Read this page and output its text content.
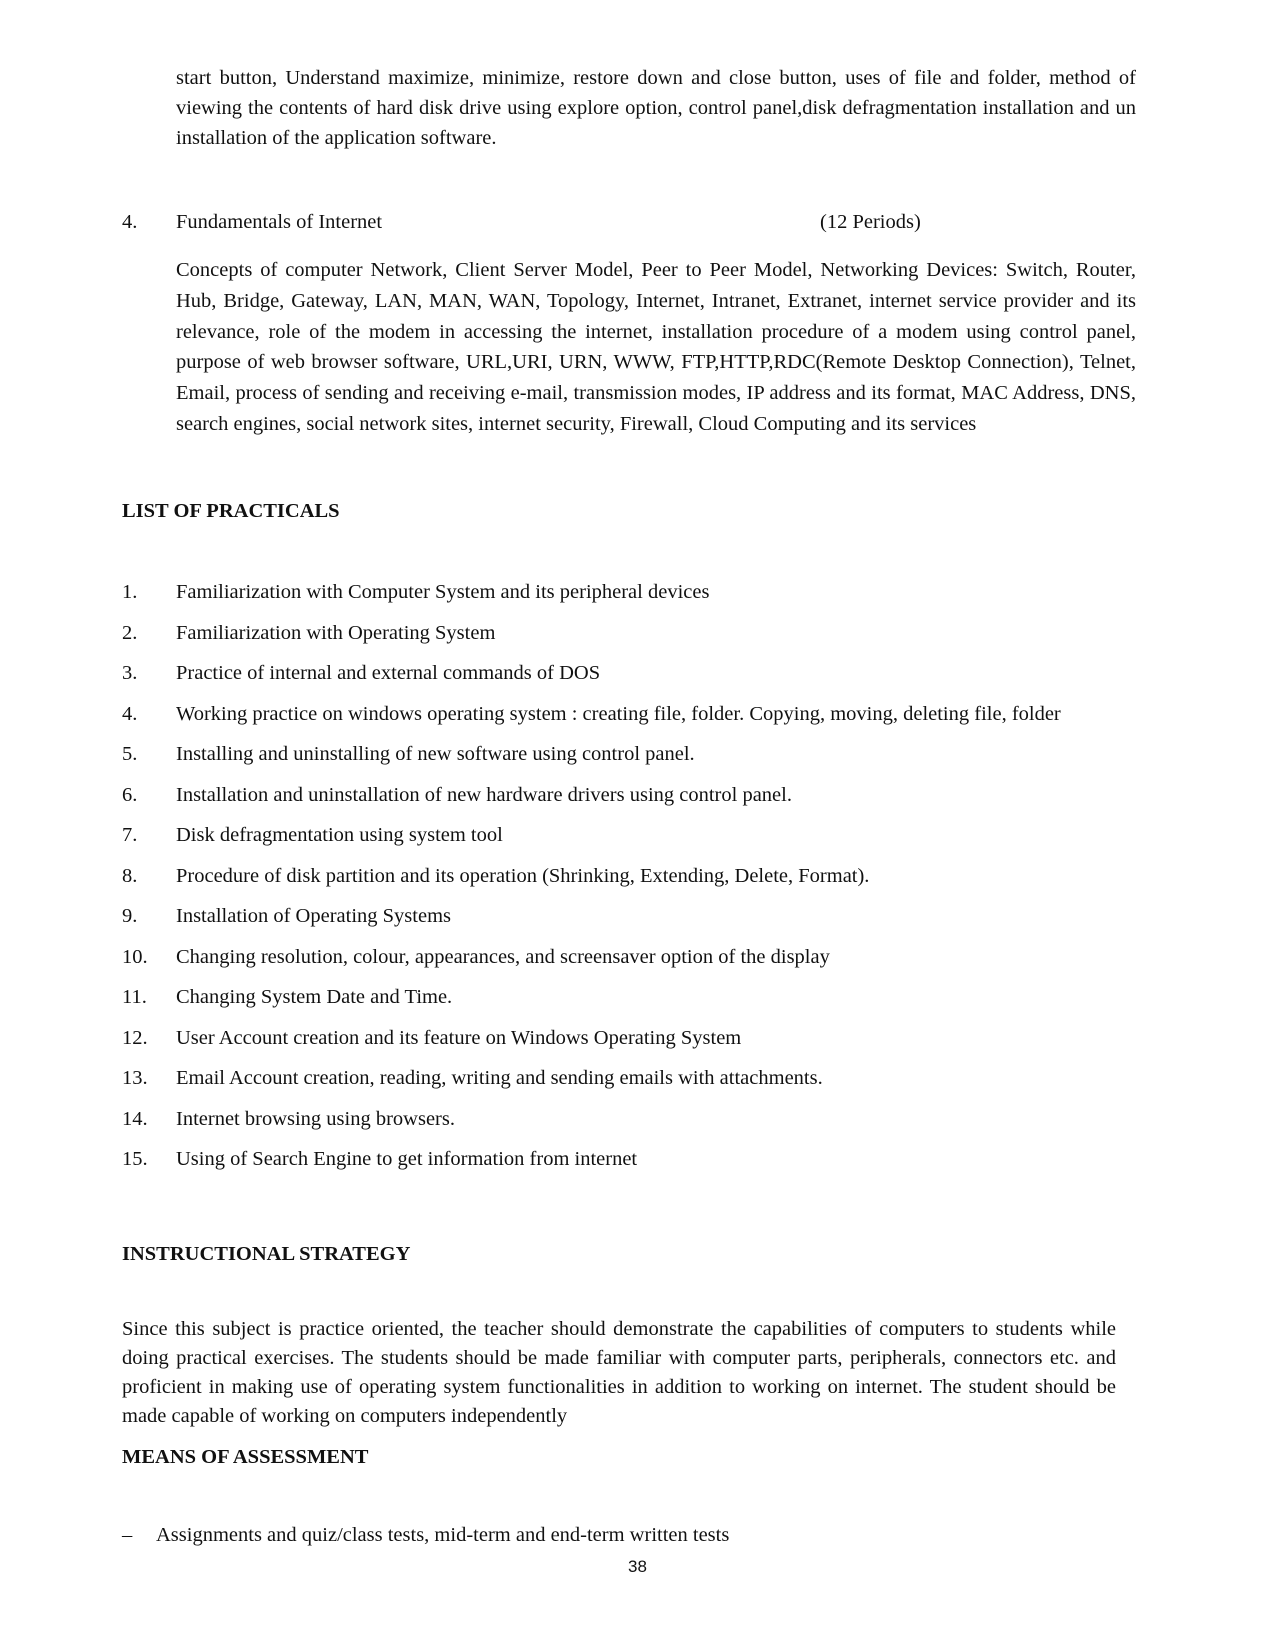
start button, Understand maximize, minimize, restore down and close button, uses of file and folder, method of viewing the contents of hard disk drive using explore option, control panel,disk defragmentation installation and un installation of the application software.

4. Fundamentals of Internet	(12 Periods)

Concepts of computer Network, Client Server Model, Peer to Peer Model, Networking Devices: Switch, Router, Hub, Bridge, Gateway, LAN, MAN, WAN, Topology, Internet, Intranet, Extranet, internet service provider and its relevance, role of the modem in accessing the internet, installation procedure of a modem using control panel, purpose of web browser software, URL,URI, URN, WWW, FTP,HTTP,RDC(Remote Desktop Connection), Telnet, Email, process of sending and receiving e-mail, transmission modes, IP address and its format, MAC Address, DNS, search engines, social network sites, internet security, Firewall, Cloud Computing and its services

LIST OF PRACTICALS
1. Familiarization with Computer System and its peripheral devices
2. Familiarization with Operating System
3. Practice of internal and external commands of DOS
4. Working practice on windows operating system : creating file, folder. Copying, moving, deleting file, folder
5. Installing and uninstalling of new software using control panel.
6. Installation and uninstallation of new hardware drivers using control panel.
7. Disk defragmentation using system tool
8. Procedure of disk partition and its operation (Shrinking, Extending, Delete, Format).
9. Installation of Operating Systems
10. Changing resolution, colour, appearances, and screensaver option of the display
11. Changing System Date and Time.
12. User Account creation and its feature on Windows Operating System
13. Email Account creation, reading, writing and sending emails with attachments.
14. Internet browsing using browsers.
15. Using of Search Engine to get information from internet
INSTRUCTIONAL STRATEGY

Since this subject is practice oriented, the teacher should demonstrate the capabilities of computers to students while doing practical exercises. The students should be made familiar with computer parts, peripherals, connectors etc. and proficient in making use of operating system functionalities in addition to working on internet. The student should be made capable of working on computers independently

MEANS OF ASSESSMENT
– Assignments and quiz/class tests, mid-term and end-term written tests
38
